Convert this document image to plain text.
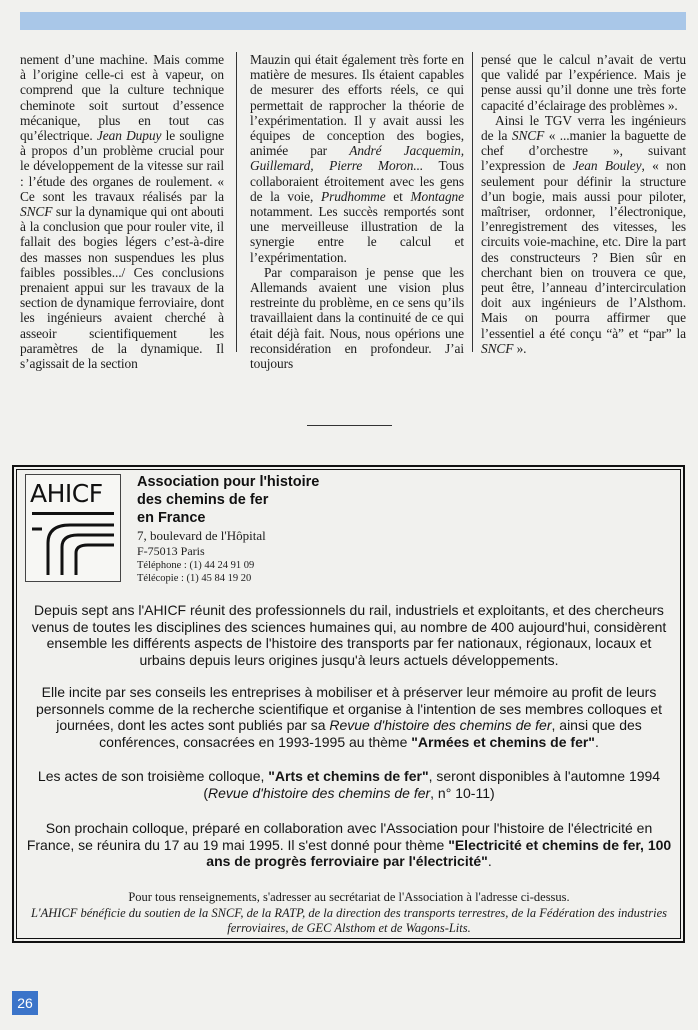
nement d’une machine. Mais comme à l’origine celle-ci est à vapeur, on comprend que la culture technique cheminote soit surtout d’essence mécanique, plus en tout cas qu’électrique. Jean Dupuy le souligne à propos d’un problème crucial pour le développement de la vitesse sur rail : l’étude des organes de roulement. « Ce sont les travaux réalisés par la SNCF sur la dynamique qui ont abouti à la conclusion que pour rouler vite, il fallait des bogies légers c’est-à-dire des masses non suspendues les plus faibles possibles.../ Ces conclusions prenaient appui sur les travaux de la section de dynamique ferroviaire, dont les ingénieurs avaient cherché à asseoir scientifiquement les paramètres de la dynamique. Il s’agissait de la section

Mauzin qui était également très forte en matière de mesures. Ils étaient capables de mesurer des efforts réels, ce qui permettait de rapprocher la théorie de l’expérimentation. Il y avait aussi les équipes de conception des bogies, animée par André Jacquemin, Guillemard, Pierre Moron... Tous collaboraient étroitement avec les gens de la voie, Prudhomme et Montagne notamment. Les succès remportés sont une merveilleuse illustration de la synergie entre le calcul et l’expérimentation.

Par comparaison je pense que les Allemands avaient une vision plus restreinte du problème, en ce sens qu’ils travaillaient dans la continuité de ce qui était déjà fait. Nous, nous opérions une reconsidération en profondeur. J’ai toujours

pensé que le calcul n’avait de vertu que validé par l’expérience. Mais je pense aussi qu’il donne une très forte capacité d’éclairage des problèmes ».

Ainsi le TGV verra les ingénieurs de la SNCF « ...manier la baguette de chef d’orchestre », suivant l’expression de Jean Bouley, « non seulement pour définir la structure d’un bogie, mais aussi pour piloter, maîtriser, ordonner, l’électronique, l’enregistrement des vitesses, les circuits voie-machine, etc. Dire la part des constructeurs ? Bien sûr en cherchant bien on trouvera ce que, peut être, l’anneau d’intercirculation doit aux ingénieurs de l’Alsthom. Mais on pourra affirmer que l’essentiel a été conçu “à” et “par” la SNCF ».

AHICF	Association pour l'histoire
des chemins de fer
en France
7, boulevard de l'Hôpital
F-75013 Paris
Téléphone : (1) 44 24 91 09
Télécopie : (1) 45 84 19 20
Depuis sept ans l'AHICF réunit des professionnels du rail, industriels et exploitants, et des chercheurs venus de toutes les disciplines des sciences humaines qui, au nombre de 400 aujourd'hui, considèrent ensemble les différents aspects de l'histoire des transports par fer nationaux, régionaux, locaux et urbains depuis leurs origines jusqu'à leurs actuels développements.
Elle incite par ses conseils les entreprises à mobiliser et à préserver leur mémoire au profit de leurs personnels comme de la recherche scientifique et organise à l'intention de ses membres colloques et journées, dont les actes sont publiés par sa Revue d'histoire des chemins de fer, ainsi que des conférences, consacrées en 1993-1995 au thème "Armées et chemins de fer".
Les actes de son troisième colloque, "Arts et chemins de fer", seront disponibles à l'automne 1994 (Revue d'histoire des chemins de fer, n° 10-11)
Son prochain colloque, préparé en collaboration avec l'Association pour l'histoire de l'électricité en France, se réunira du 17 au 19 mai 1995. Il s'est donné pour thème "Electricité et chemins de fer, 100 ans de progrès ferroviaire par l'électricité".
Pour tous renseignements, s'adresser au secrétariat de l'Association à l'adresse ci-dessus.
L'AHICF bénéficie du soutien de la SNCF, de la RATP, de la direction des transports terrestres, de la Fédération des industries ferroviaires, de GEC Alsthom et de Wagons-Lits.
26
